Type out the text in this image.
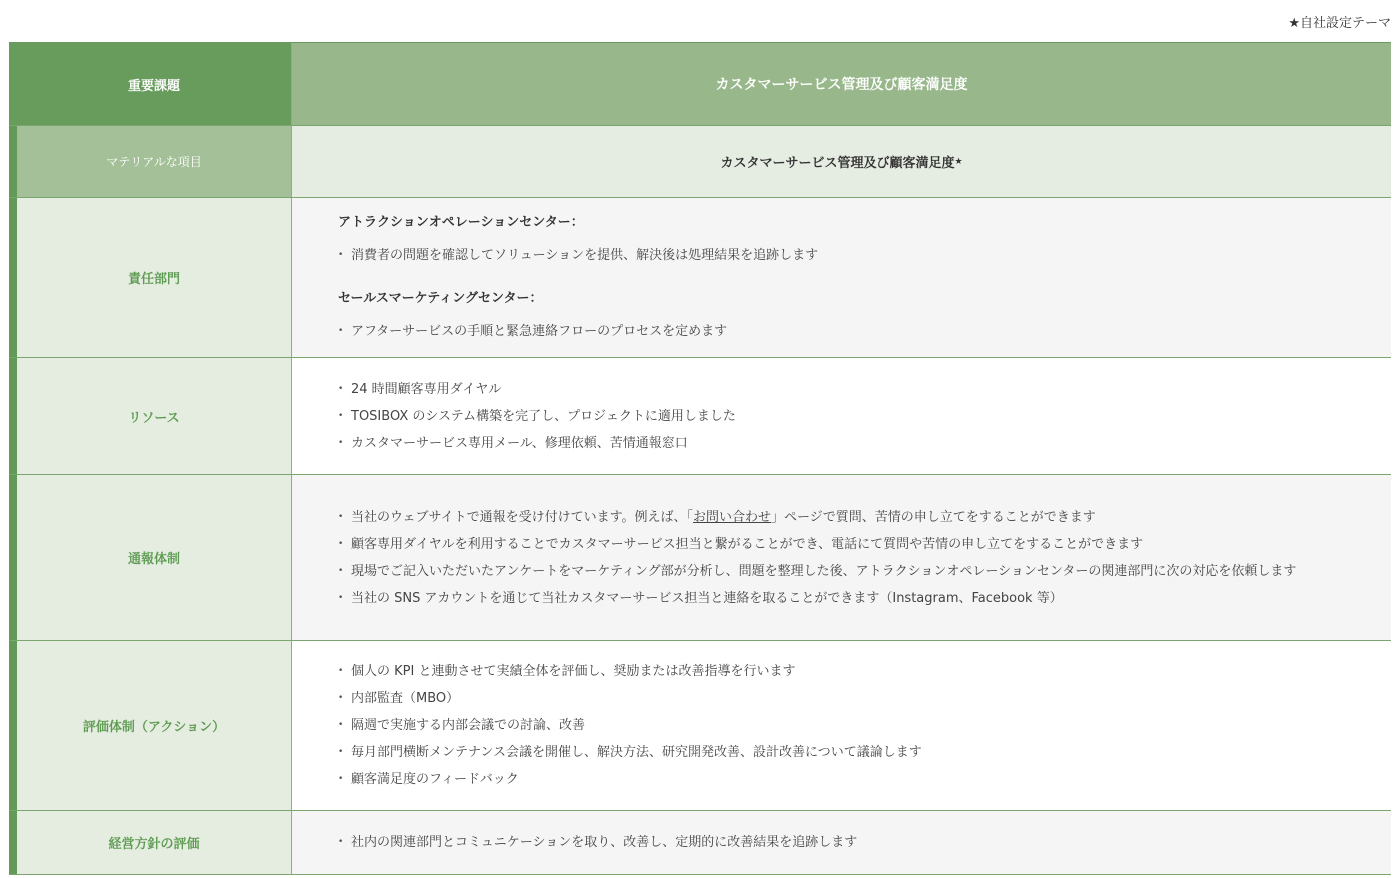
★自社設定テーマ
重要課題	カスタマーサービス管理及び顧客満足度
マテリアルな項目	カスタマーサービス管理及び顧客満足度 ★
責任部門
アトラクションオペレーションセンター：
• 消費者の問題を確認してソリューションを提供、解決後は処理結果を追跡します
セールスマーケティングセンター：
• アフターサービスの手順と緊急連絡フローのプロセスを定めます
リソース
• 24 時間顧客専用ダイヤル
• TOSIBOX のシステム構築を完了し、プロジェクトに適用しました
• カスタマーサービス専用メール、修理依頼、苦情通報窓口
通報体制
• 当社のウェブサイトで通報を受け付けています。例えば、「お問い合わせ」ページで質問、苦情の申し立てをすることができます
• 顧客専用ダイヤルを利用することでカスタマーサービス担当と繋がることができ、電話にて質問や苦情の申し立てをすることができます
• 現場でご記入いただいたアンケートをマーケティング部が分析し、問題を整理した後、アトラクションオペレーションセンターの関連部門に次の対応を依頼します
• 当社の SNS アカウントを通じて当社カスタマーサービス担当と連絡を取ることができます（Instagram、Facebook 等）
評価体制（アクション）
• 個人の KPI と連動させて実績全体を評価し、奨励または改善指導を行います
• 内部監査（MBO）
• 隔週で実施する内部会議での討論、改善
• 毎月部門横断メンテナンス会議を開催し、解決方法、研究開発改善、設計改善について議論します
• 顧客満足度のフィードバック
経営方針の評価
•	社内の関連部門とコミュニケーションを取り、改善し、定期的に改善結果を追跡します
